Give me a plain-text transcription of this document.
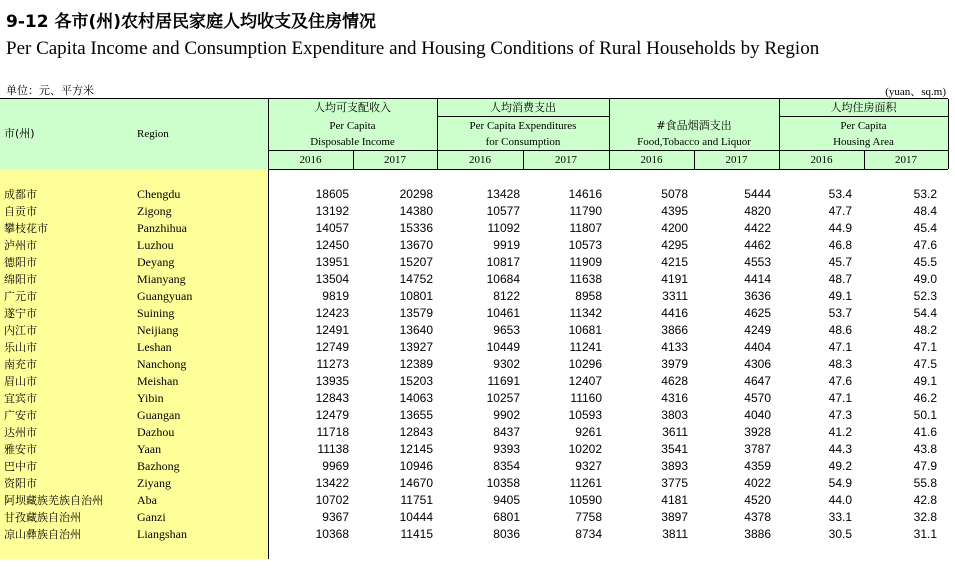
9-12 各市(州)农村居民家庭人均收支及住房情况
Per Capita Income and Consumption Expenditure and Housing Conditions of Rural Households by Region
单位：元、平方米	(yuan、sq.m)
市(州)	Region
人均可支配收入
Per Capita
Disposable Income
人均消费支出
Per Capita Expenditures
for Consumption
#食品烟酒支出
Food,Tobacco and Liquor
人均住房面积
Per Capita
Housing Area
2016	2017	2016	2017	2016	2017	2016	2017
成都市	Chengdu	18605	20298	13428	14616	5078	5444	53.4	53.2
自贡市	Zigong	13192	14380	10577	11790	4395	4820	47.7	48.4
攀枝花市	Panzhihua	14057	15336	11092	11807	4200	4422	44.9	45.4
泸州市	Luzhou	12450	13670	9919	10573	4295	4462	46.8	47.6
德阳市	Deyang	13951	15207	10817	11909	4215	4553	45.7	45.5
绵阳市	Mianyang	13504	14752	10684	11638	4191	4414	48.7	49.0
广元市	Guangyuan	9819	10801	8122	8958	3311	3636	49.1	52.3
遂宁市	Suining	12423	13579	10461	11342	4416	4625	53.7	54.4
内江市	Neijiang	12491	13640	9653	10681	3866	4249	48.6	48.2
乐山市	Leshan	12749	13927	10449	11241	4133	4404	47.1	47.1
南充市	Nanchong	11273	12389	9302	10296	3979	4306	48.3	47.5
眉山市	Meishan	13935	15203	11691	12407	4628	4647	47.6	49.1
宜宾市	Yibin	12843	14063	10257	11160	4316	4570	47.1	46.2
广安市	Guangan	12479	13655	9902	10593	3803	4040	47.3	50.1
达州市	Dazhou	11718	12843	8437	9261	3611	3928	41.2	41.6
雅安市	Yaan	11138	12145	9393	10202	3541	3787	44.3	43.8
巴中市	Bazhong	9969	10946	8354	9327	3893	4359	49.2	47.9
资阳市	Ziyang	13422	14670	10358	11261	3775	4022	54.9	55.8
阿坝藏族羌族自治州	Aba	10702	11751	9405	10590	4181	4520	44.0	42.8
甘孜藏族自治州	Ganzi	9367	10444	6801	7758	3897	4378	33.1	32.8
凉山彝族自治州	Liangshan	10368	11415	8036	8734	3811	3886	30.5	31.1
